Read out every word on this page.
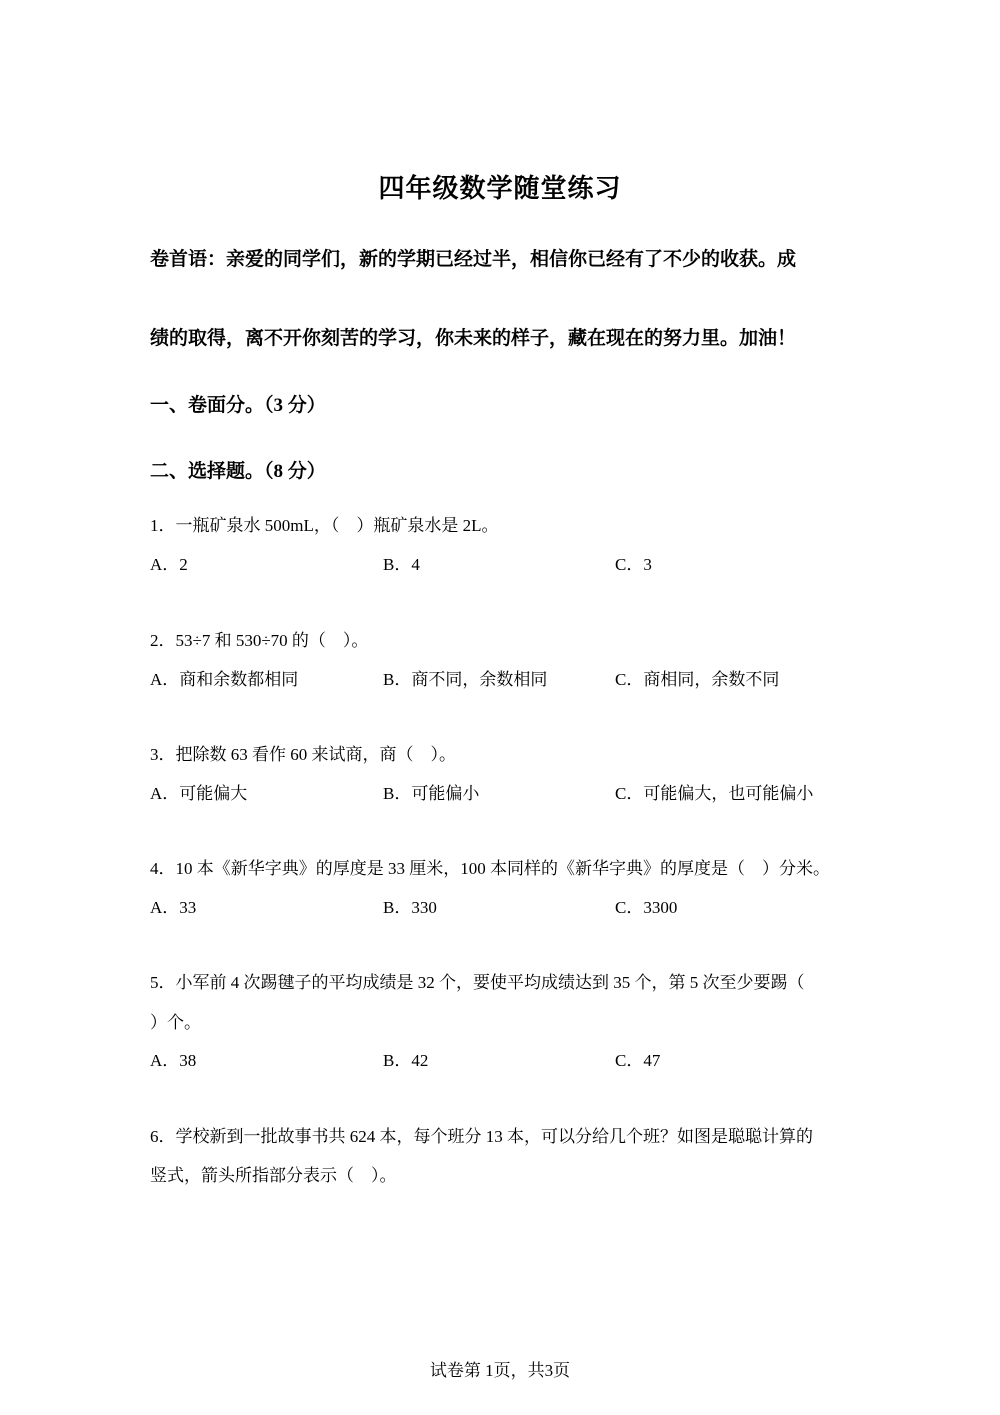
四年级数学随堂练习
卷首语：亲爱的同学们，新的学期已经过半，相信你已经有了不少的收获。成
绩的取得，离不开你刻苦的学习，你未来的样子，藏在现在的努力里。加油！
一、卷面分。（3 分）
二、选择题。（8 分）
1．一瓶矿泉水 500mL，（　）瓶矿泉水是 2L。
A．2	B．4	C．3
2．53÷7 和 530÷70 的（　）。
A．商和余数都相同	B．商不同，余数相同	C．商相同，余数不同
3．把除数 63 看作 60 来试商，商（　）。
A．可能偏大	B．可能偏小	C．可能偏大，也可能偏小
4．10 本《新华字典》的厚度是 33 厘米，100 本同样的《新华字典》的厚度是（　）分米。
A．33	B．330	C．3300
5．小军前 4 次踢毽子的平均成绩是 32 个，要使平均成绩达到 35 个，第 5 次至少要踢（
）个。
A．38	B．42	C．47
6．学校新到一批故事书共 624 本，每个班分 13 本，可以分给几个班？如图是聪聪计算的
竖式，箭头所指部分表示（　）。
试卷第 1页，共3页
